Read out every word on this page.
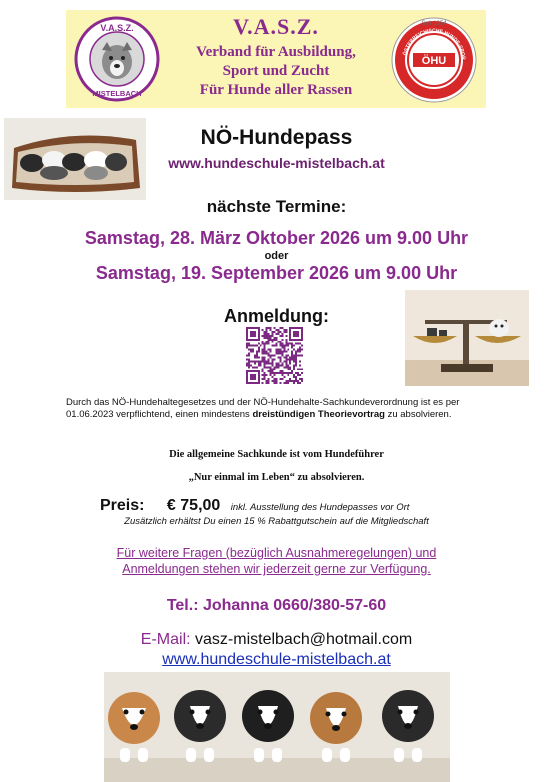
V.A.S.Z.
MISTELBACH
V.A.S.Z.
Verband für Ausbildung,
Sport und Zucht
Für Hunde aller Rassen
ÖHU
Seit 1954
ÖSTERREICHISCHE HUNDE-SPOR
NÖ-Hundepass
www.hundeschule-mistelbach.at
nächste Termine:
Samstag, 28. März Oktober 2026 um 9.00 Uhr
oder
Samstag, 19. September 2026 um 9.00 Uhr
Anmeldung:
Durch das NÖ-Hundehaltegesetzes und der NÖ-Hundehalte-Sachkundeverordnung ist es per 01.06.2023 verpflichtend, einen mindestens dreistündigen Theorievortrag zu absolvieren.
Die allgemeine Sachkunde ist vom Hundeführer
„Nur einmal im Leben“ zu absolvieren.
Preis: € 75,00 inkl. Ausstellung des Hundepasses vor Ort
Zusätzlich erhältst Du einen 15 % Rabattgutschein auf die Mitgliedschaft
Für weitere Fragen (bezüglich Ausnahmeregelungen) und
Anmeldungen stehen wir jederzeit gerne zur Verfügung.
Tel.: Johanna 0660/380-57-60
E-Mail: vasz-mistelbach@hotmail.com
www.hundeschule-mistelbach.at
